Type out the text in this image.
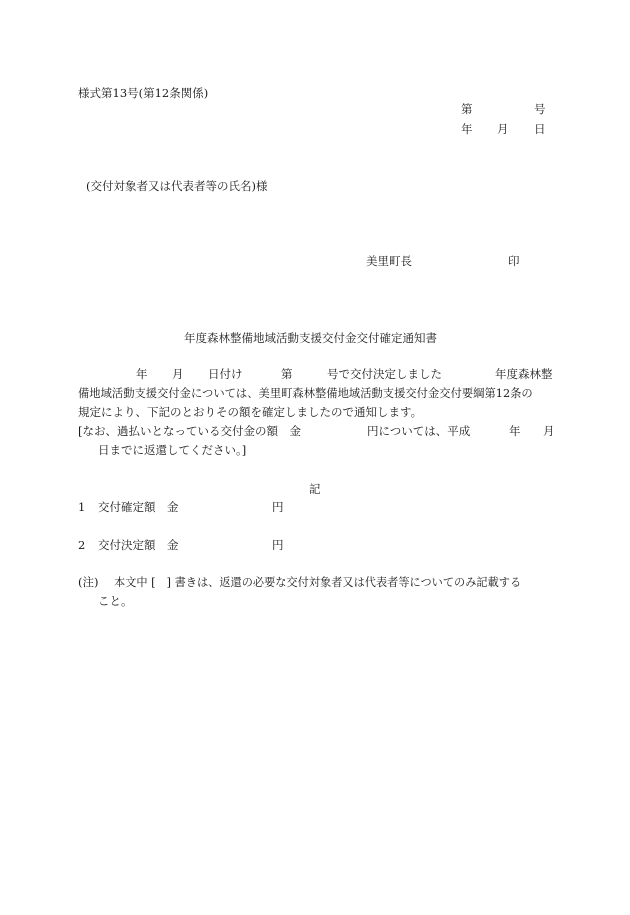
様式第13号(第12条関係)
第	号
年 月 日
(交付対象者又は代表者等の氏名)様
美里町長	印
年度森林整備地域活動支援交付金交付確定通知書
年 月 日付け	第	号で交付決定しました	年度森林整
備地域活動支援交付金については、美里町森林整備地域活動支援交付金交付要綱第12条の
規定により、下記のとおりその額を確定しましたので通知します。
[なお、過払いとなっている交付金の額　金	円については、平成	年 月
日までに返還してください。]
記
1 交付確定額 金	円
2 交付決定額 金	円
(注) 本文中 [　] 書きは、返還の必要な交付対象者又は代表者等についてのみ記載する
こと。
